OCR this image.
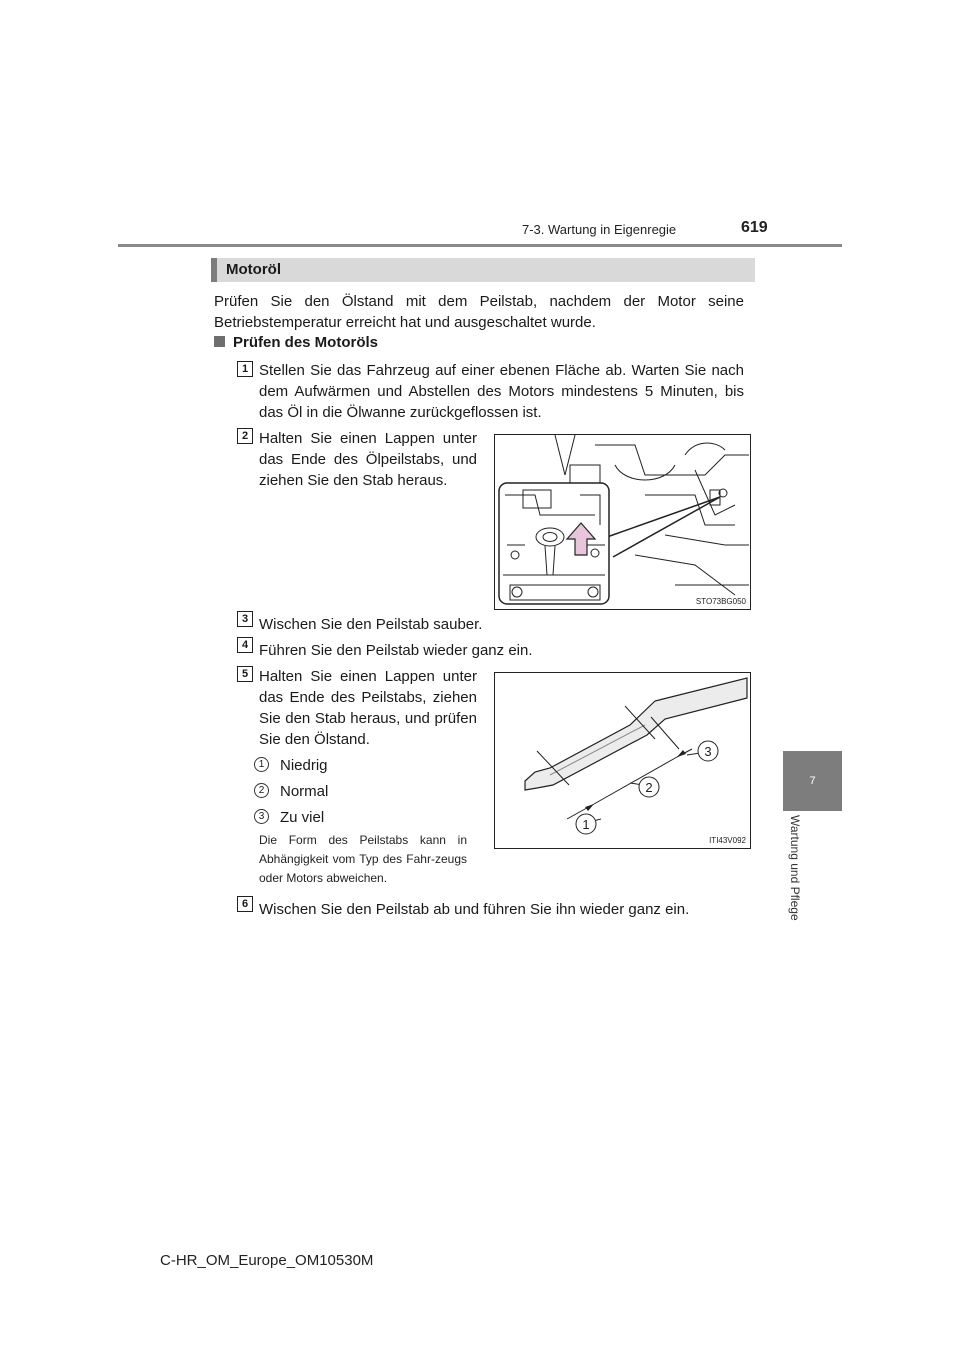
7-3. Wartung in Eigenregie	619
7
Wartung und Pflege
Motoröl
Prüfen Sie den Ölstand mit dem Peilstab, nachdem der Motor seine Betriebstemperatur erreicht hat und ausgeschaltet wurde.
Prüfen des Motoröls
1 Stellen Sie das Fahrzeug auf einer ebenen Fläche ab. Warten Sie nach dem Aufwärmen und Abstellen des Motors mindestens 5 Minuten, bis das Öl in die Ölwanne zurückgeflossen ist.
2 Halten Sie einen Lappen unter das Ende des Ölpeilstabs, und ziehen Sie den Stab heraus.
STO73BG050
3 Wischen Sie den Peilstab sauber.
4 Führen Sie den Peilstab wieder ganz ein.
5 Halten Sie einen Lappen unter das Ende des Peilstabs, ziehen Sie den Stab heraus, und prüfen Sie den Ölstand.
1	Niedrig
2	Normal
3	Zu viel
Die Form des Peilstabs kann in Abhängigkeit vom Typ des Fahr-zeugs oder Motors abweichen.
1
2
3
ITI43V092
6 Wischen Sie den Peilstab ab und führen Sie ihn wieder ganz ein.
C-HR_OM_Europe_OM10530M
